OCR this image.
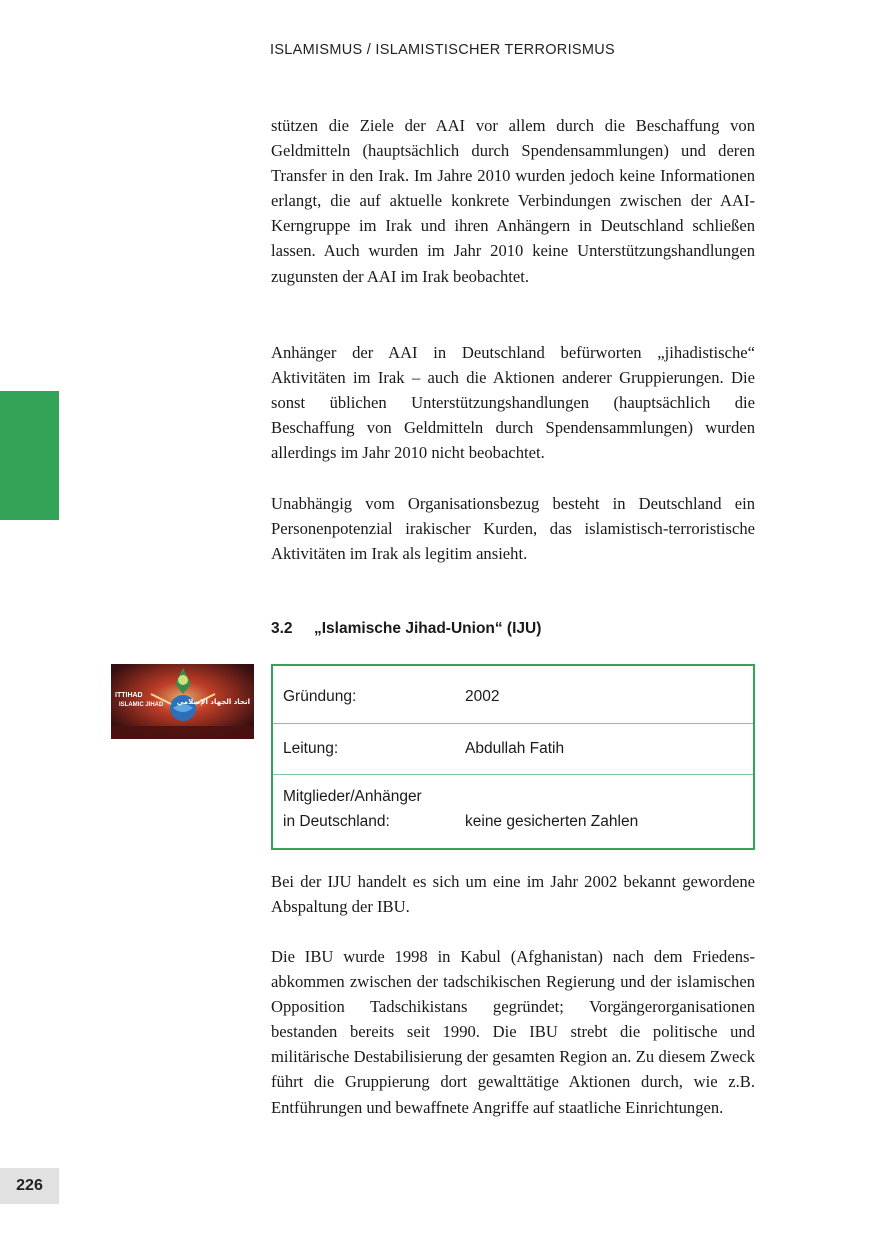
ISLAMISMUS / ISLAMISTISCHER TERRORISMUS

stützen die Ziele der AAI vor allem durch die Beschaffung von Geldmitteln (hauptsächlich durch Spendensammlungen) und deren Transfer in den Irak. Im Jahre 2010 wurden jedoch keine Informationen erlangt, die auf aktuelle konkrete Verbindungen zwischen der AAI-Kerngruppe im Irak und ihren Anhängern in Deutschland schließen lassen. Auch wurden im Jahr 2010 keine Unterstützungshandlungen zugunsten der AAI im Irak beobachtet.

Anhänger der AAI in Deutschland befürworten „jihadistische“ Aktivitäten im Irak – auch die Aktionen anderer Gruppierungen. Die sonst üblichen Unterstützungshandlungen (hauptsächlich die Beschaffung von Geldmitteln durch Spendensammlungen) wurden allerdings im Jahr 2010 nicht beobachtet.

Unabhängig vom Organisationsbezug besteht in Deutschland ein Personenpotenzial irakischer Kurden, das islamistisch-terroristische Aktivitäten im Irak als legitim ansieht.

3.2 „Islamische Jihad-Union“ (IJU)
ITTIHAD
ISLAMIC JIHAD اتحاد الجهاد الإسلامي Gründung:	2002
Leitung:	Abdullah Fatih
Mitglieder/Anhänger
in Deutschland:	keine gesicherten Zahlen

Bei der IJU handelt es sich um eine im Jahr 2002 bekannt gewordene Abspaltung der IBU.

Die IBU wurde 1998 in Kabul (Afghanistan) nach dem Friedensabkommen zwischen der tadschikischen Regierung und der islamischen Opposition Tadschikistans gegründet; Vorgängerorganisationen bestanden bereits seit 1990. Die IBU strebt die politische und militärische Destabilisierung der gesamten Region an. Zu diesem Zweck führt die Gruppierung dort gewalttätige Aktionen durch, wie z.B. Entführungen und bewaffnete Angriffe auf staatliche Einrichtungen.

226
